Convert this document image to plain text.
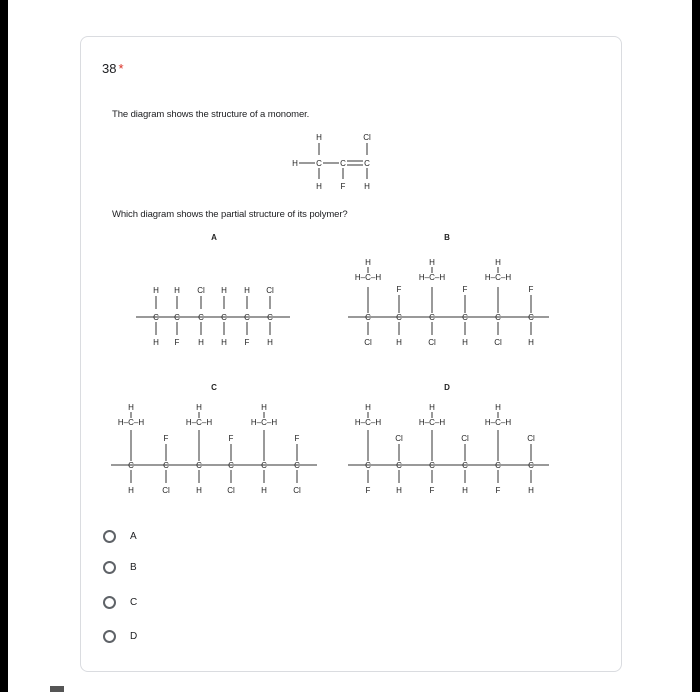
38 *
The diagram shows the structure of a monomer.
Which diagram shows the partial structure of its polymer?
H	Cl
H C C C
H F H
A
H H Cl H H Cl
C C C C C C
H F H H F H
B
C
H
H–C–H
C
F
C
H
H–C–H
C
F
C
H
H–C–H
C
F
Cl	H	Cl	H	Cl	H
C
C
H
H–C–H
C
F
C
H
H–C–H
C
F
C
H
H–C–H
C
F
H	Cl	H	Cl	H	Cl
D
C
H
H–C–H
C
Cl
C
H
H–C–H
C
Cl
C
H
H–C–H
C
Cl
F	H	F	H	F	H
A
B
C
D
